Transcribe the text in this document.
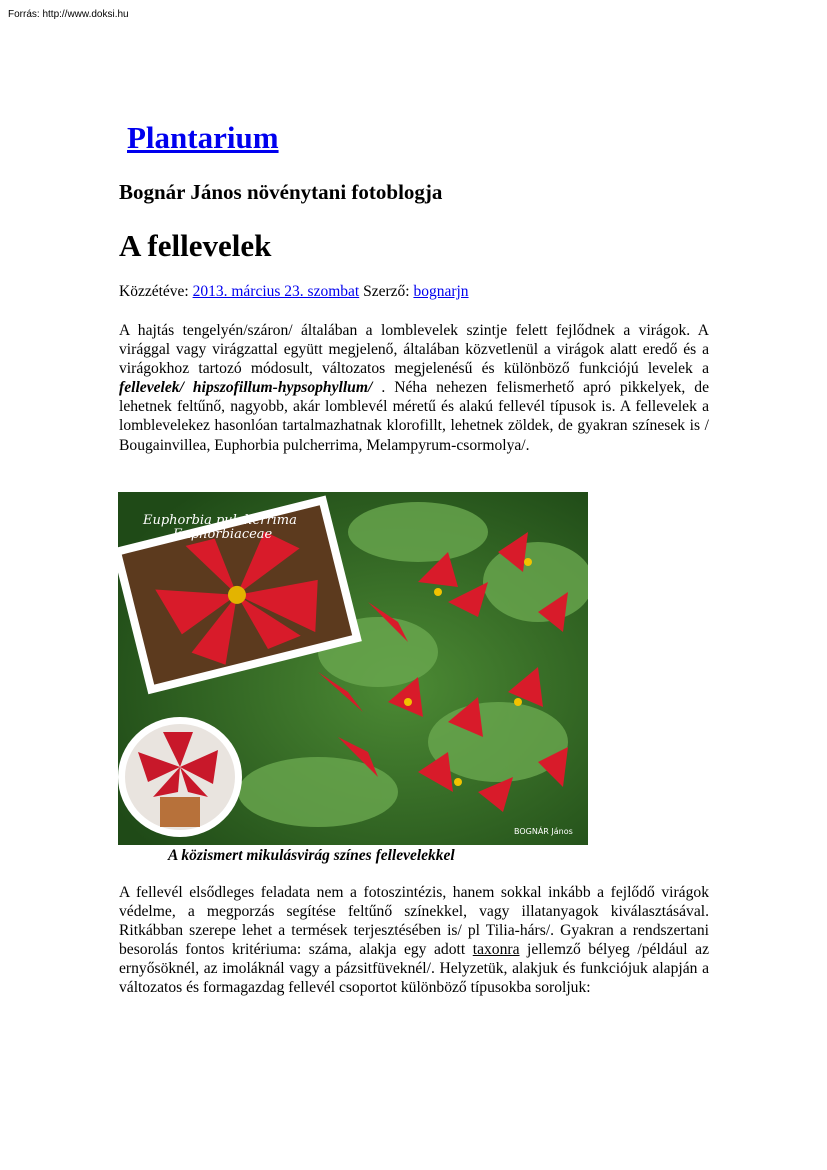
Forrás: http://www.doksi.hu
Plantarium
Bognár János növénytani fotoblogja
A fellevelek
Közzétéve: 2013. március 23. szombat Szerző: bognarjn

A hajtás tengelyén/száron/ általában a lomblevelek szintje felett fejlődnek a virágok. A virággal vagy virágzattal együtt megjelenő, általában közvetlenül a virágok alatt eredő és a virágokhoz tartozó módosult, változatos megjelenésű és különböző funkciójú levelek a fellevelek/ hipszofillum-hypsophyllum/ . Néha nehezen felismerhető apró pikkelyek, de lehetnek feltűnő, nagyobb, akár lomblevél méretű és alakú fellevél típusok is. A fellevelek a lomblevelekez hasonlóan tartalmazhatnak klorofillt, lehetnek zöldek, de gyakran színesek is / Bougainvillea, Euphorbia pulcherrima, Melampyrum-csormolya/.

Euphorbia pulcherrima
Euphorbiaceae
BOGNÁR János
A közismert mikulásvirág színes fellevelekkel

A fellevél elsődleges feladata nem a fotoszintézis, hanem sokkal inkább a fejlődő virágok védelme, a megporzás segítése feltűnő színekkel, vagy illatanyagok kiválasztásával. Ritkábban szerepe lehet a termések terjesztésében is/ pl Tilia-hárs/. Gyakran a rendszertani besorolás fontos kritériuma: száma, alakja egy adott taxonra jellemző bélyeg /például az ernyősöknél, az imoláknál vagy a pázsitfüveknél/. Helyzetük, alakjuk és funkciójuk alapján a változatos és formagazdag fellevél csoportot különböző típusokba soroljuk:
